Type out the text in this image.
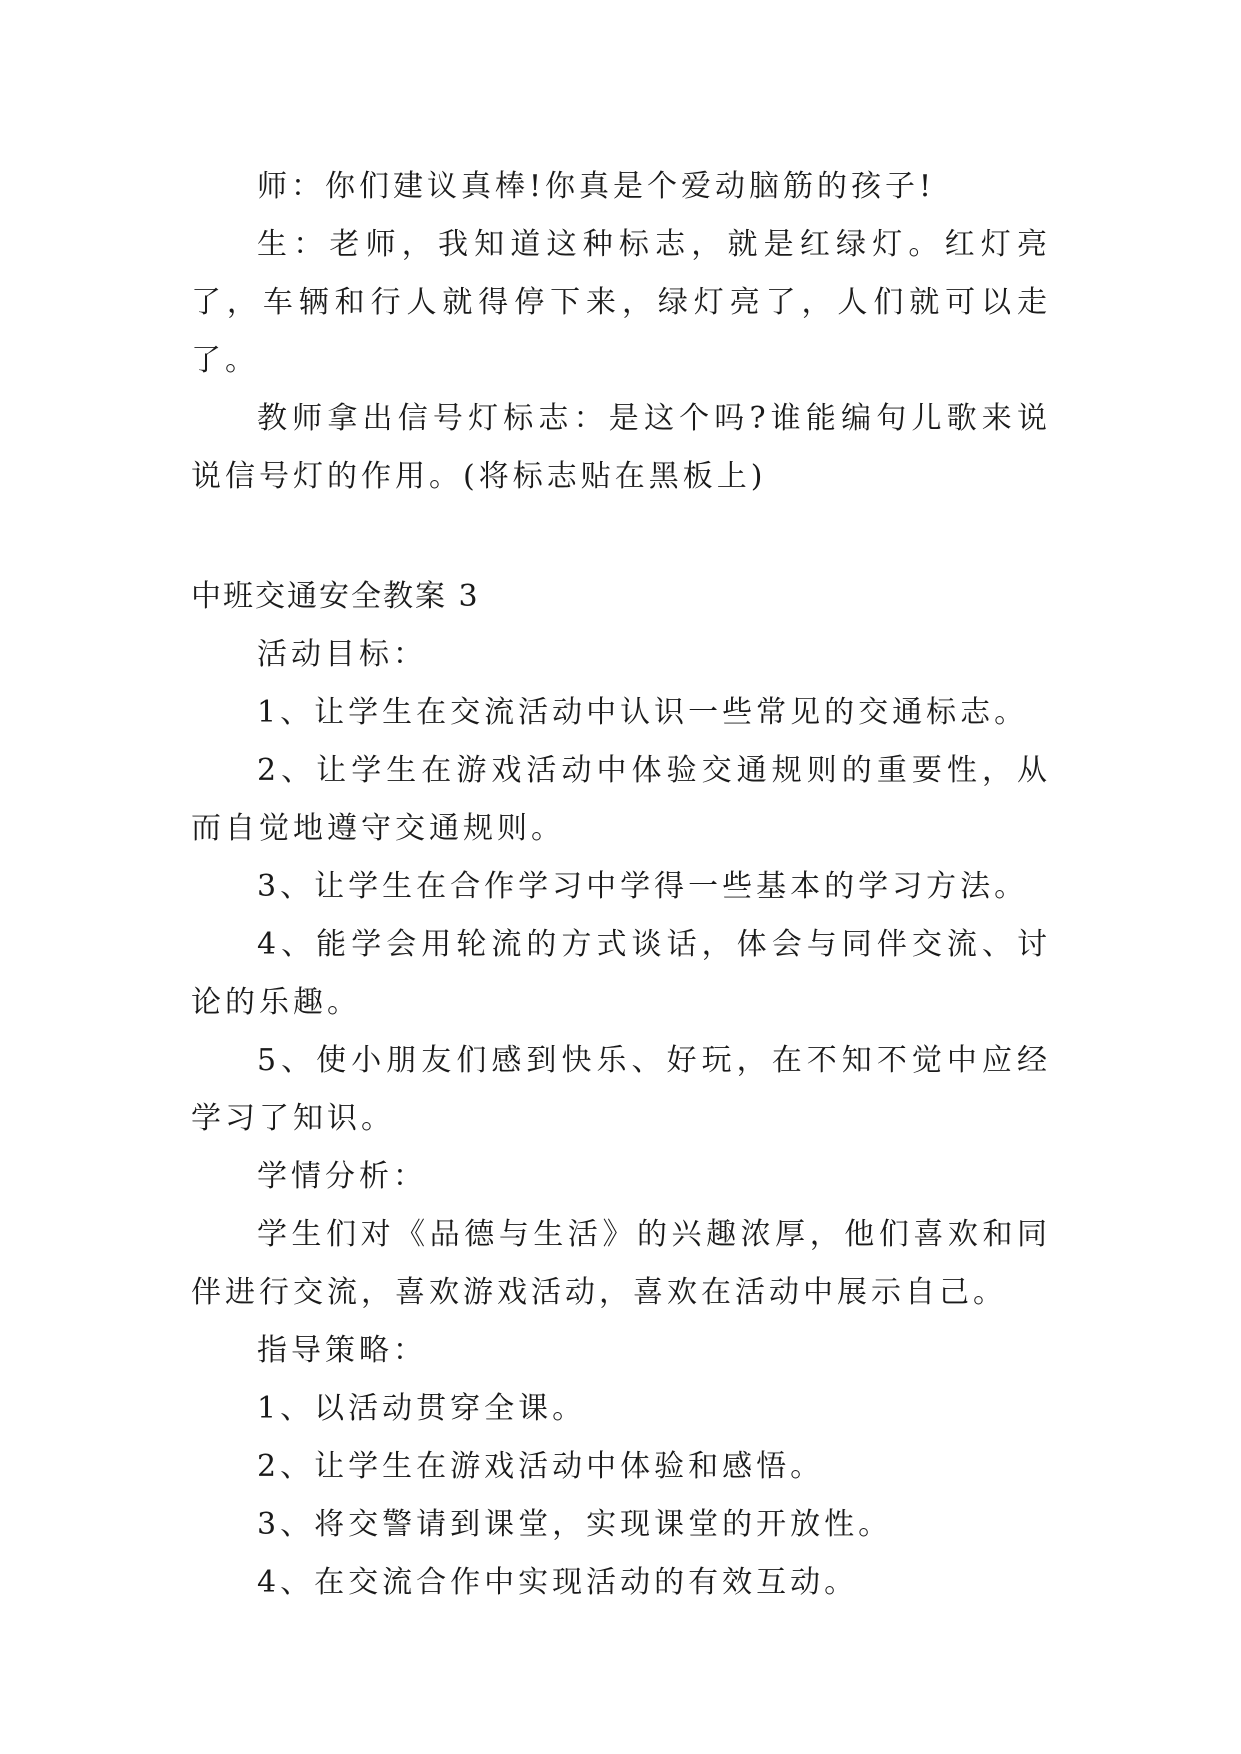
师：你们建议真棒!你真是个爱动脑筋的孩子!

生：老师，我知道这种标志，就是红绿灯。红灯亮了，车辆和行人就得停下来，绿灯亮了，人们就可以走了。

教师拿出信号灯标志：是这个吗?谁能编句儿歌来说说信号灯的作用。(将标志贴在黑板上)

中班交通安全教案 3

活动目标：

1、让学生在交流活动中认识一些常见的交通标志。

2、让学生在游戏活动中体验交通规则的重要性，从而自觉地遵守交通规则。

3、让学生在合作学习中学得一些基本的学习方法。

4、能学会用轮流的方式谈话，体会与同伴交流、讨论的乐趣。

5、使小朋友们感到快乐、好玩，在不知不觉中应经学习了知识。

学情分析：

学生们对《品德与生活》的兴趣浓厚，他们喜欢和同伴进行交流，喜欢游戏活动，喜欢在活动中展示自己。

指导策略：

1、以活动贯穿全课。

2、让学生在游戏活动中体验和感悟。

3、将交警请到课堂，实现课堂的开放性。

4、在交流合作中实现活动的有效互动。
